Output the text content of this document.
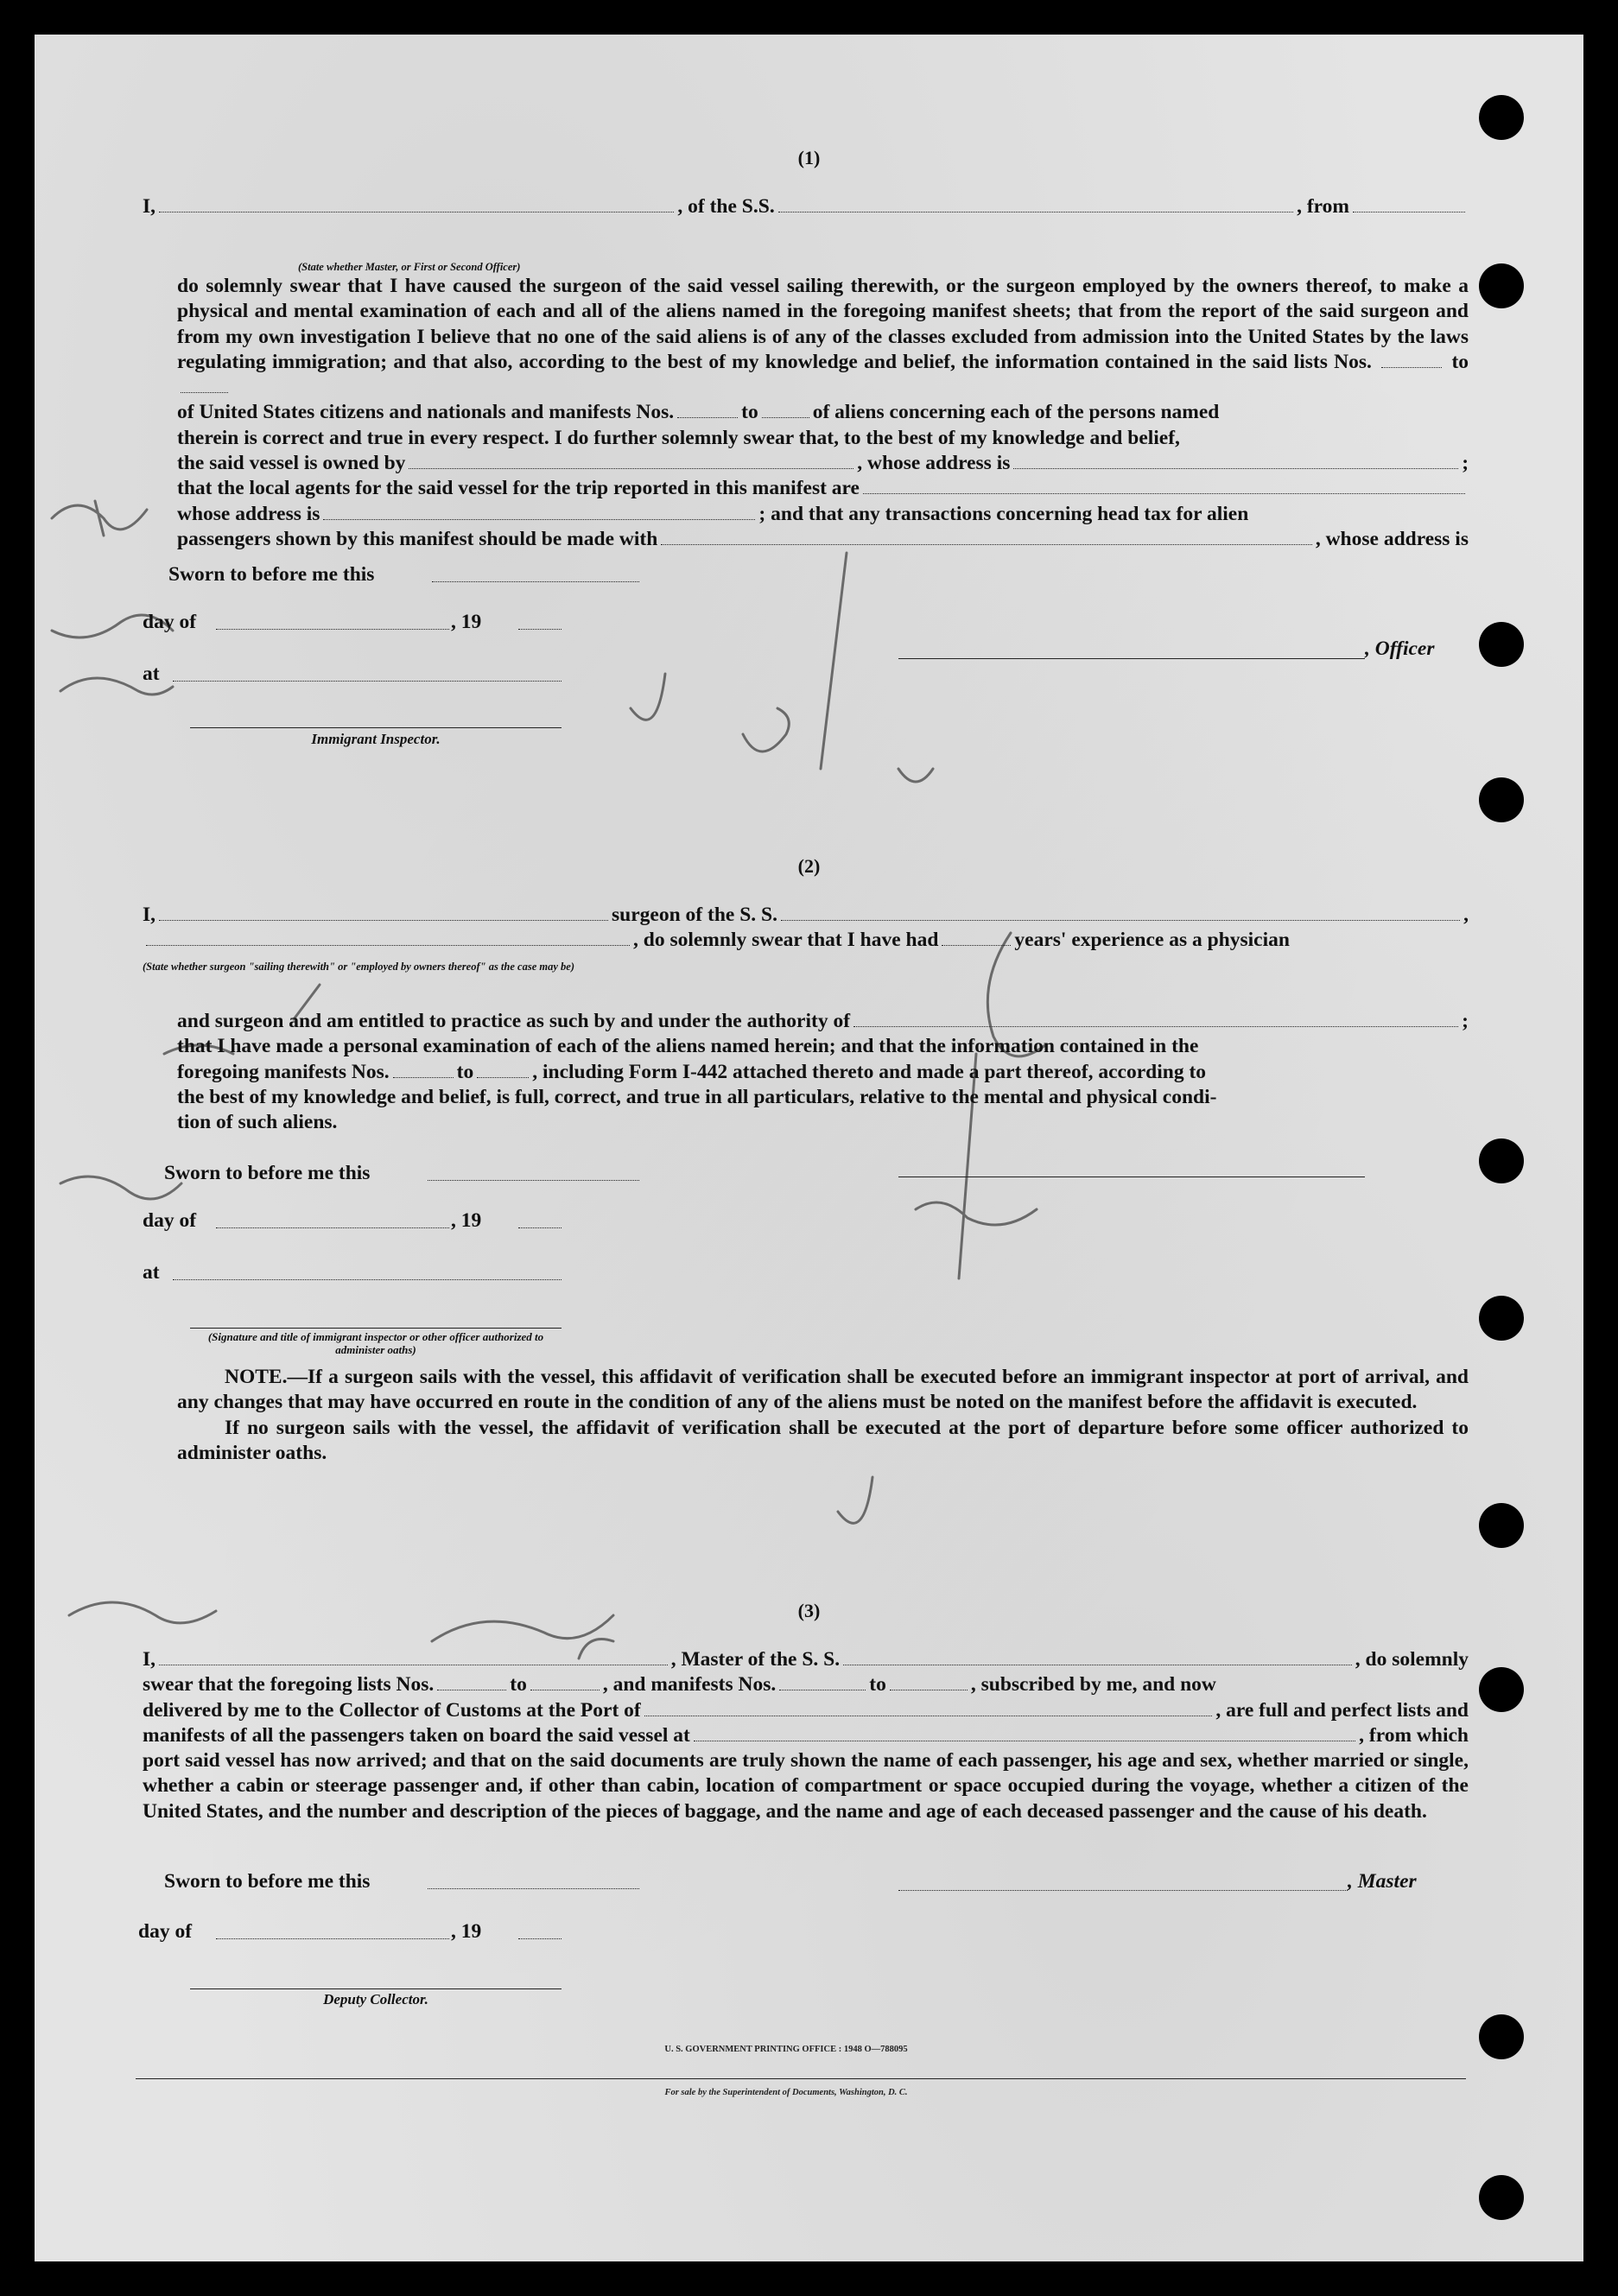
(1)
I,	, of the S.S.	, from
(State whether Master, or First or Second Officer)

do solemnly swear that I have caused the surgeon of the said vessel sailing therewith, or the surgeon employed by the owners thereof, to make a physical and mental examination of each and all of the aliens named in the foregoing manifest sheets; that from the report of the said surgeon and from my own investigation I believe that no one of the said aliens is of any of the classes excluded from admission into the United States by the laws regulating immigration; and that also, according to the best of my knowledge and belief, the information contained in the said lists Nos.	to

of United States citizens and nationals and manifests Nos.	to	of aliens concerning each of the persons named
therein is correct and true in every respect. I do further solemnly swear that, to the best of my knowledge and belief,
the said vessel is owned by	, whose address is	;
that the local agents for the said vessel for the trip reported in this manifest are
whose address is	; and that any transactions concerning head tax for alien
passengers shown by this manifest should be made with	, whose address is
Sworn to before me this
day of	, 19
, Officer
at
Immigrant Inspector.
(2)
I,	surgeon of the S. S.	,
, do solemnly swear that I have had	years' experience as a physician
(State whether surgeon "sailing therewith" or "employed by owners thereof" as the case may be)
and surgeon and am entitled to practice as such by and under the authority of	;
that I have made a personal examination of each of the aliens named herein; and that the information contained in the
foregoing manifests Nos.	to	, including Form I-442 attached thereto and made a part thereof, according to
the best of my knowledge and belief, is full, correct, and true in all particulars, relative to the mental and physical condi-
tion of such aliens.
Sworn to before me this
day of	, 19
at
(Signature and title of immigrant inspector or other officer authorized to administer oaths)

NOTE.—If a surgeon sails with the vessel, this affidavit of verification shall be executed before an immigrant inspector at port of arrival, and any changes that may have occurred en route in the condition of any of the aliens must be noted on the manifest before the affidavit is executed.

If no surgeon sails with the vessel, the affidavit of verification shall be executed at the port of departure before some officer authorized to administer oaths.

(3)
I,	, Master of the S. S.	, do solemnly
swear that the foregoing lists Nos.	to	, and manifests Nos.	to	, subscribed by me, and now
delivered by me to the Collector of Customs at the Port of	, are full and perfect lists and
manifests of all the passengers taken on board the said vessel at	, from which

port said vessel has now arrived; and that on the said documents are truly shown the name of each passenger, his age and sex, whether married or single, whether a cabin or steerage passenger and, if other than cabin, location of compartment or space occupied during the voyage, whether a citizen of the United States, and the number and description of the pieces of baggage, and the name and age of each deceased passenger and the cause of his death.

Sworn to before me this	, Master
day of	, 19
Deputy Collector.
U. S. GOVERNMENT PRINTING OFFICE : 1948 O—788095
For sale by the Superintendent of Documents, Washington, D. C.
